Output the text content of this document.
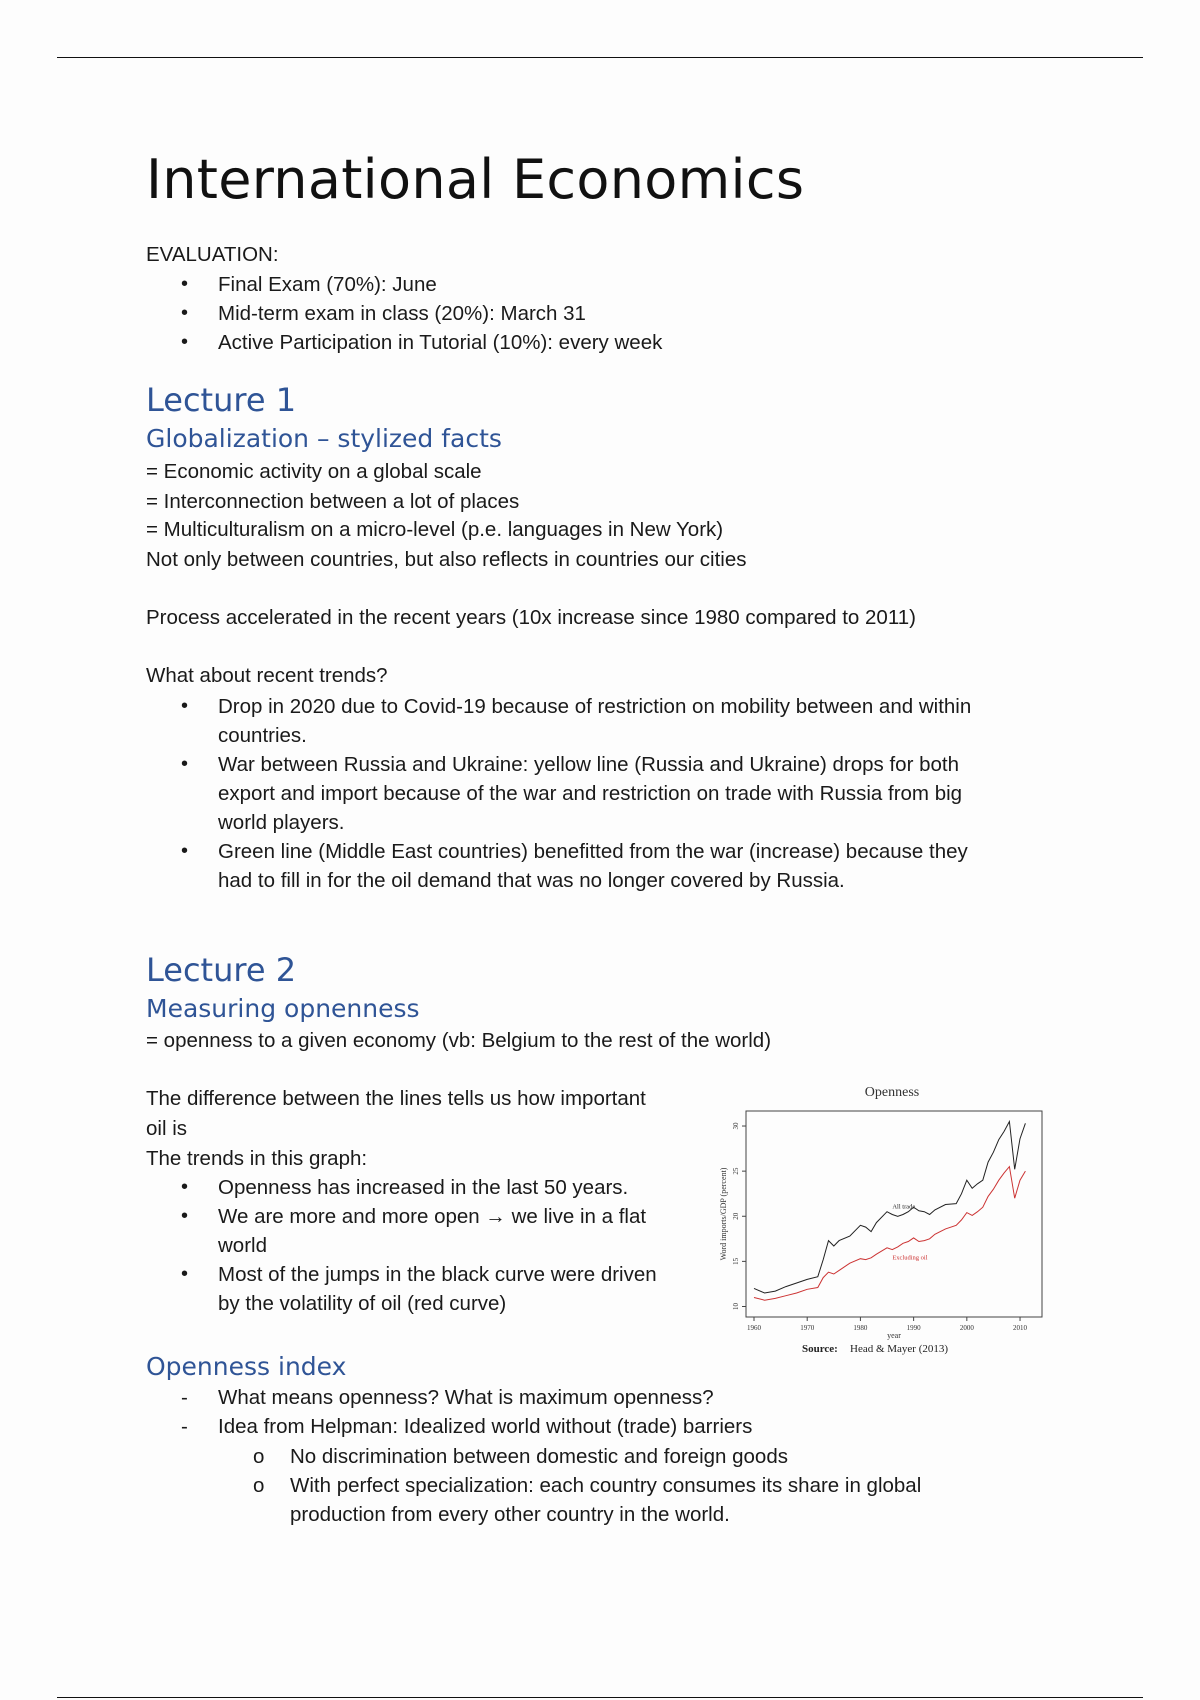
International Economics
EVALUATION:
• Final Exam (70%): June
• Mid-term exam in class (20%): March 31
• Active Participation in Tutorial (10%): every week
Lecture 1
Globalization – stylized facts
= Economic activity on a global scale
= Interconnection between a lot of places
= Multiculturalism on a micro-level (p.e. languages in New York)
Not only between countries, but also reflects in countries our cities
Process accelerated in the recent years (10x increase since 1980 compared to 2011)
What about recent trends?
• Drop in 2020 due to Covid-19 because of restriction on mobility between and within
countries.
• War between Russia and Ukraine: yellow line (Russia and Ukraine) drops for both
export and import because of the war and restriction on trade with Russia from big
world players.
• Green line (Middle East countries) benefitted from the war (increase) because they
had to fill in for the oil demand that was no longer covered by Russia.
Lecture 2
Measuring opnenness
= openness to a given economy (vb: Belgium to the rest of the world)
The difference between the lines tells us how important
oil is
The trends in this graph:
• Openness has increased in the last 50 years.
• We are more and more open → we live in a flat
world
• Most of the jumps in the black curve were driven
by the volatility of oil (red curve)
Openness
10
15
20
25
30
1960	1970	1980	1990	2000	2010
All trade
Excluding oil
Word imports/GDP (percent)
year
Source: Head & Mayer (2013)
Openness index
- What means openness? What is maximum openness?
- Idea from Helpman: Idealized world without (trade) barriers
o No discrimination between domestic and foreign goods
o With perfect specialization: each country consumes its share in global
production from every other country in the world.
